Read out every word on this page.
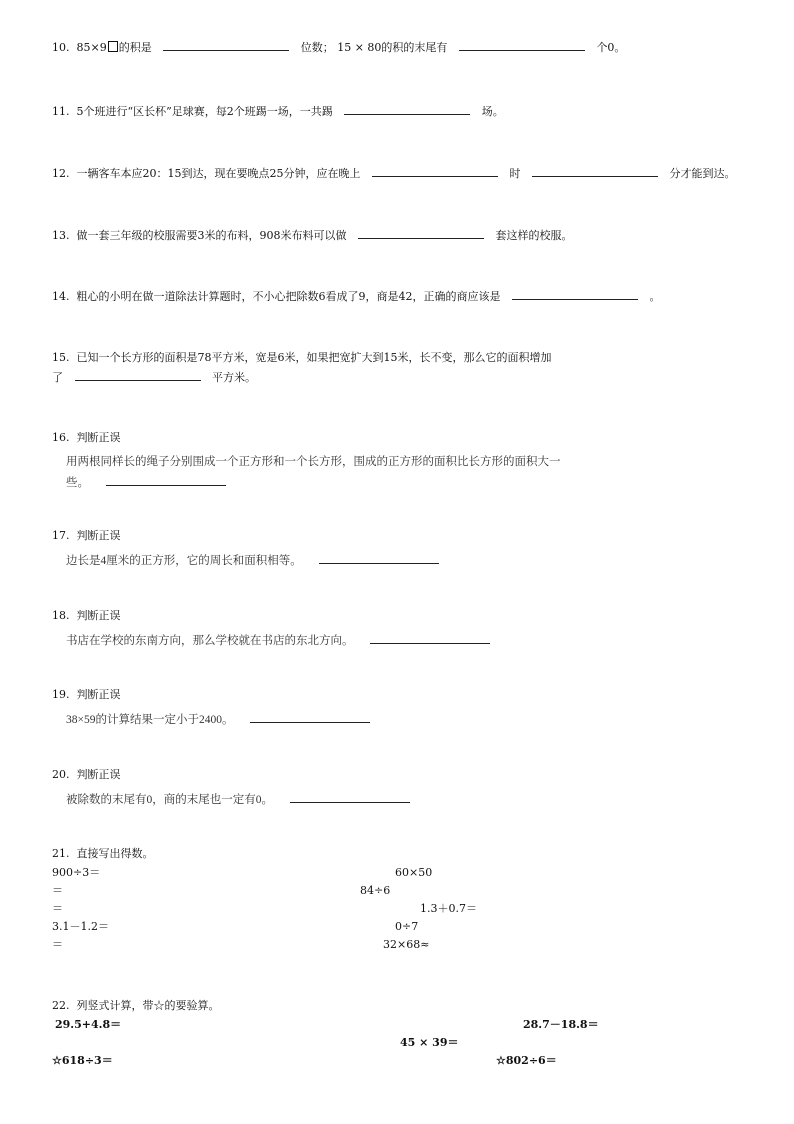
10. 85×9 的积是	位数； 15 × 80的积的末尾有	个0。
11. 5个班进行“区长杯”足球赛，每2个班踢一场，一共踢	场。
12. 一辆客车本应20：15到达，现在要晚点25分钟，应在晚上	时	分才能到达。
13. 做一套三年级的校服需要3米的布料，908米布料可以做	套这样的校服。
14. 粗心的小明在做一道除法计算题时，不小心把除数6看成了9，商是42，正确的商应该是	。
15. 已知一个长方形的面积是78平方米，宽是6米，如果把宽扩大到15米，长不变，那么它的面积增加
了	平方米。
16. 判断正误
用两根同样长的绳子分别围成一个正方形和一个长方形，围成的正方形的面积比长方形的面积大一
些。
17. 判断正误
边长是4厘米的正方形，它的周长和面积相等。
18. 判断正误
书店在学校的东南方向，那么学校就在书店的东北方向。
19. 判断正误
38×59的计算结果一定小于2400。
20. 判断正误
被除数的末尾有0，商的末尾也一定有0。
21. 直接写出得数。
900÷3＝	60×50
＝	84÷6
＝	1.3＋0.7＝
3.1－1.2＝	0÷7
＝	32×68≈
22. 列竖式计算，带☆的要验算。
29.5+4.8＝	28.7－18.8＝
45 × 39＝
☆618÷3＝	☆802÷6＝
